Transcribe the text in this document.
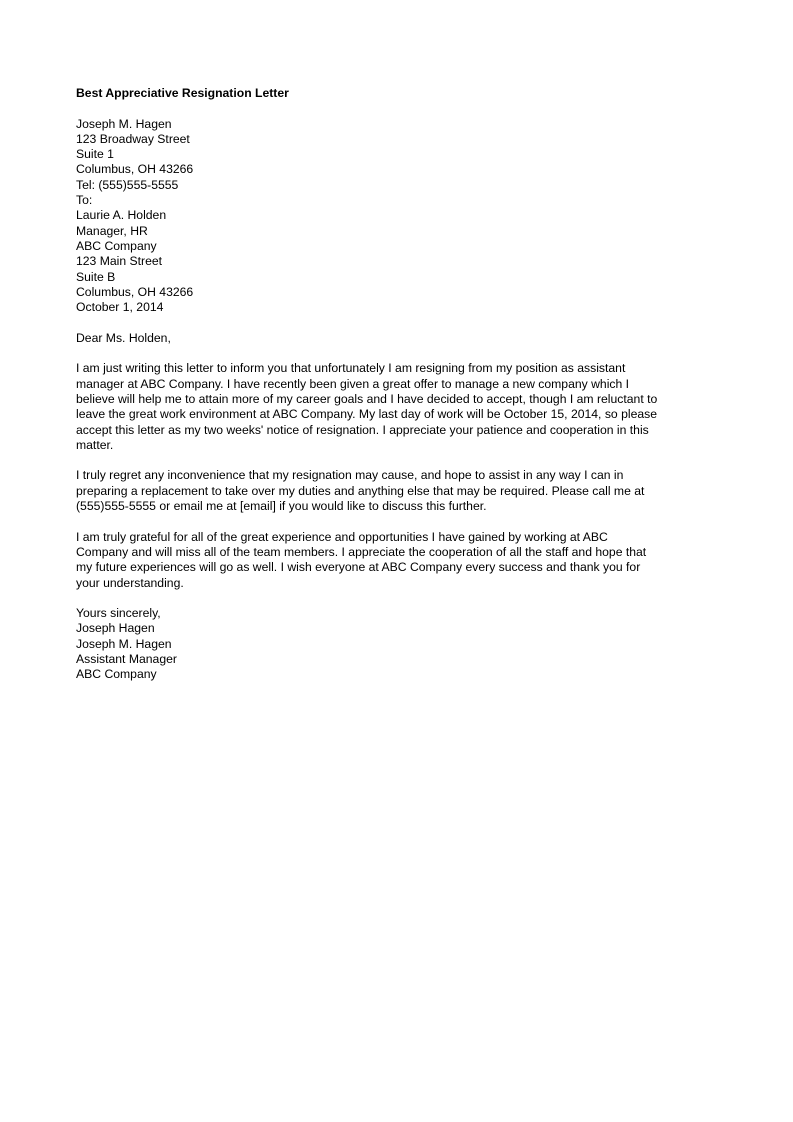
Best Appreciative Resignation Letter
Joseph M. Hagen
123 Broadway Street
Suite 1
Columbus, OH 43266
Tel: (555)555-5555
To:
Laurie A. Holden
Manager, HR
ABC Company
123 Main Street
Suite B
Columbus, OH 43266
October 1, 2014
Dear Ms. Holden,
I am just writing this letter to inform you that unfortunately I am resigning from my position as assistant
manager at ABC Company. I have recently been given a great offer to manage a new company which I
believe will help me to attain more of my career goals and I have decided to accept, though I am reluctant to
leave the great work environment at ABC Company. My last day of work will be October 15, 2014, so please
accept this letter as my two weeks' notice of resignation. I appreciate your patience and cooperation in this
matter.
I truly regret any inconvenience that my resignation may cause, and hope to assist in any way I can in
preparing a replacement to take over my duties and anything else that may be required. Please call me at
(555)555-5555 or email me at [email] if you would like to discuss this further.
I am truly grateful for all of the great experience and opportunities I have gained by working at ABC
Company and will miss all of the team members. I appreciate the cooperation of all the staff and hope that
my future experiences will go as well. I wish everyone at ABC Company every success and thank you for
your understanding.
Yours sincerely,
Joseph Hagen
Joseph M. Hagen
Assistant Manager
ABC Company
